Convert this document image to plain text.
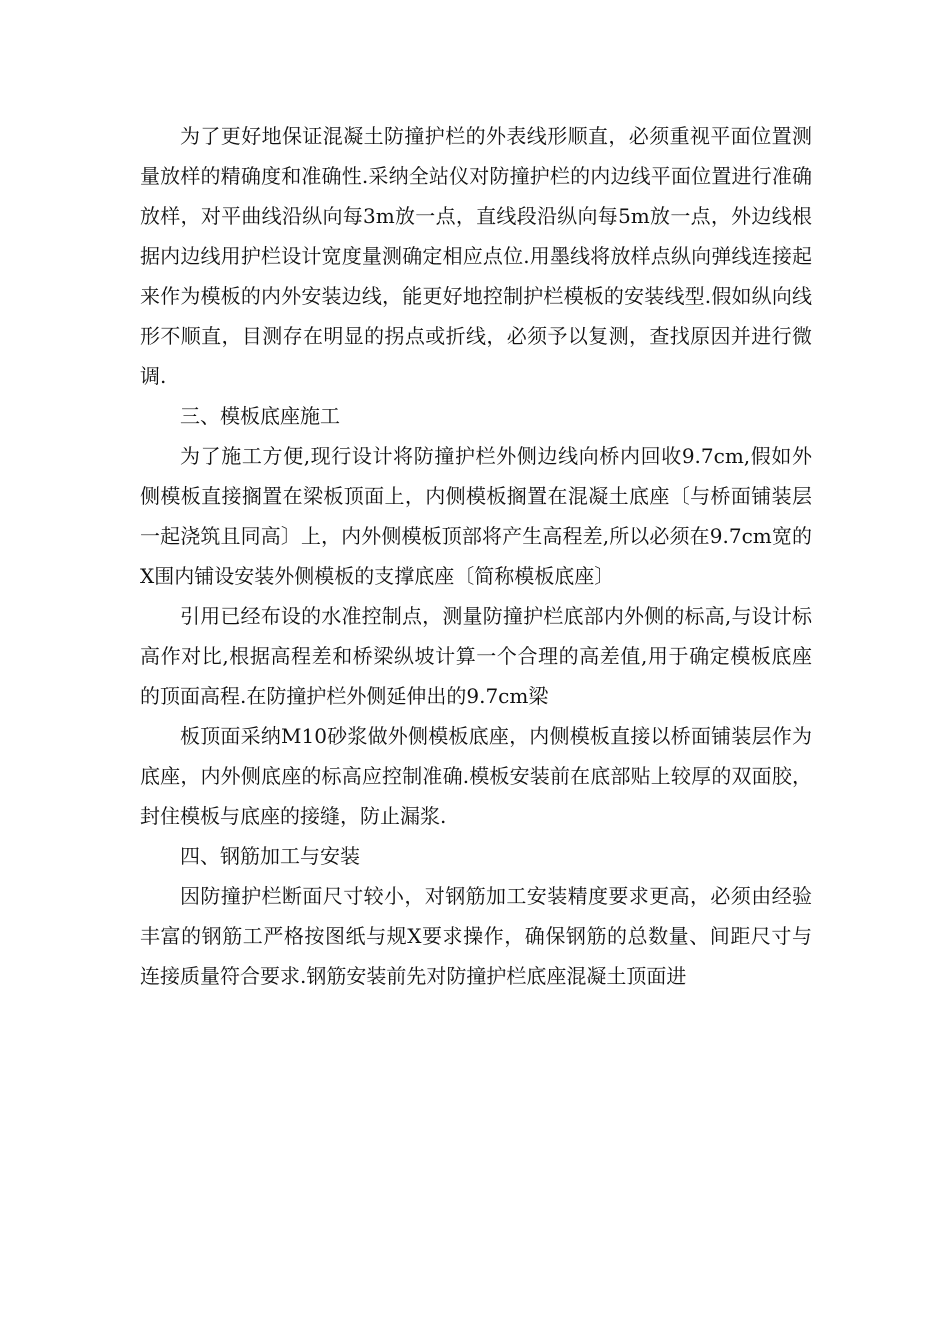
为了更好地保证混凝土防撞护栏的外表线形顺直，必须重视平面位置测量放样的精确度和准确性.采纳全站仪对防撞护栏的内边线平面位置进行准确放样，对平曲线沿纵向每3m放一点，直线段沿纵向每5m放一点，外边线根据内边线用护栏设计宽度量测确定相应点位.用墨线将放样点纵向弹线连接起来作为模板的内外安装边线，能更好地控制护栏模板的安装线型.假如纵向线形不顺直，目测存在明显的拐点或折线，必须予以复测，查找原因并进行微调.

三、模板底座施工

为了施工方便,现行设计将防撞护栏外侧边线向桥内回收9.7cm,假如外侧模板直接搁置在梁板顶面上，内侧模板搁置在混凝土底座〔与桥面铺装层一起浇筑且同高〕上，内外侧模板顶部将产生高程差,所以必须在9.7cm宽的X围内铺设安装外侧模板的支撑底座〔简称模板底座〕

引用已经布设的水准控制点，测量防撞护栏底部内外侧的标高,与设计标高作对比,根据高程差和桥梁纵坡计算一个合理的高差值,用于确定模板底座的顶面高程.在防撞护栏外侧延伸出的9.7cm梁

板顶面采纳M10砂浆做外侧模板底座，内侧模板直接以桥面铺装层作为底座，内外侧底座的标高应控制准确.模板安装前在底部贴上较厚的双面胶，封住模板与底座的接缝，防止漏浆.

四、钢筋加工与安装

因防撞护栏断面尺寸较小，对钢筋加工安装精度要求更高，必须由经验丰富的钢筋工严格按图纸与规X要求操作，确保钢筋的总数量、间距尺寸与连接质量符合要求.钢筋安装前先对防撞护栏底座混凝土顶面进
